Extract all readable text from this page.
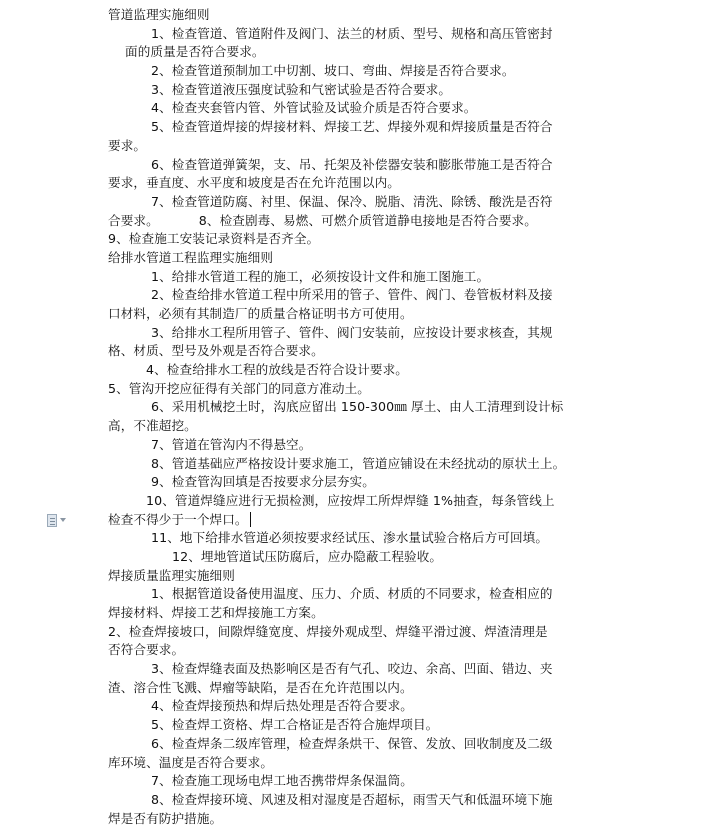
管道监理实施细则
1、检查管道、管道附件及阀门、法兰的材质、型号、规格和高压管密封
面的质量是否符合要求。
2、检查管道预制加工中切割、坡口、弯曲、焊接是否符合要求。
3、检查管道液压强度试验和气密试验是否符合要求。
4、检查夹套管内管、外管试验及试验介质是否符合要求。
5、检查管道焊接的焊接材料、焊接工艺、焊接外观和焊接质量是否符合
要求。
6、检查管道弹簧架，支、吊、托架及补偿器安装和膨胀带施工是否符合
要求，垂直度、水平度和坡度是否在允许范围以内。
7、检查管道防腐、衬里、保温、保冷、脱脂、清洗、除锈、酸洗是否符
合要求。	8、检查剧毒、易燃、可燃介质管道静电接地是否符合要求。
9、检查施工安装记录资料是否齐全。
给排水管道工程监理实施细则
1、给排水管道工程的施工，必须按设计文件和施工图施工。
2、检查给排水管道工程中所采用的管子、管件、阀门、卷管板材料及接
口材料，必须有其制造厂的质量合格证明书方可使用。
3、给排水工程所用管子、管件、阀门安装前，应按设计要求核查，其规
格、材质、型号及外观是否符合要求。
4、检查给排水工程的放线是否符合设计要求。
5、管沟开挖应征得有关部门的同意方准动土。
6、采用机械挖土时，沟底应留出 150-300㎜ 厚土、由人工清理到设计标
高，不准超挖。
7、管道在管沟内不得悬空。
8、管道基础应严格按设计要求施工，管道应铺设在未经扰动的原状土上。
9、检查管沟回填是否按要求分层夯实。
10、管道焊缝应进行无损检测，应按焊工所焊焊缝 1%抽查，每条管线上
检查不得少于一个焊口。
11、地下给排水管道必须按要求经试压、渗水量试验合格后方可回填。
12、埋地管道试压防腐后，应办隐蔽工程验收。
焊接质量监理实施细则
1、根据管道设备使用温度、压力、介质、材质的不同要求，检查相应的
焊接材料、焊接工艺和焊接施工方案。
2、检查焊接坡口，间隙焊缝宽度、焊接外观成型、焊缝平滑过渡、焊渣清理是
否符合要求。
3、检查焊缝表面及热影响区是否有气孔、咬边、余高、凹面、错边、夹
渣、溶合性飞溅、焊瘤等缺陷，是否在允许范围以内。
4、检查焊接预热和焊后热处理是否符合要求。
5、检查焊工资格、焊工合格证是否符合施焊项目。
6、检查焊条二级库管理，检查焊条烘干、保管、发放、回收制度及二级
库环境、温度是否符合要求。
7、检查施工现场电焊工地否携带焊条保温筒。
8、检查焊接环境、风速及相对湿度是否超标，雨雪天气和低温环境下施
焊是否有防护措施。
